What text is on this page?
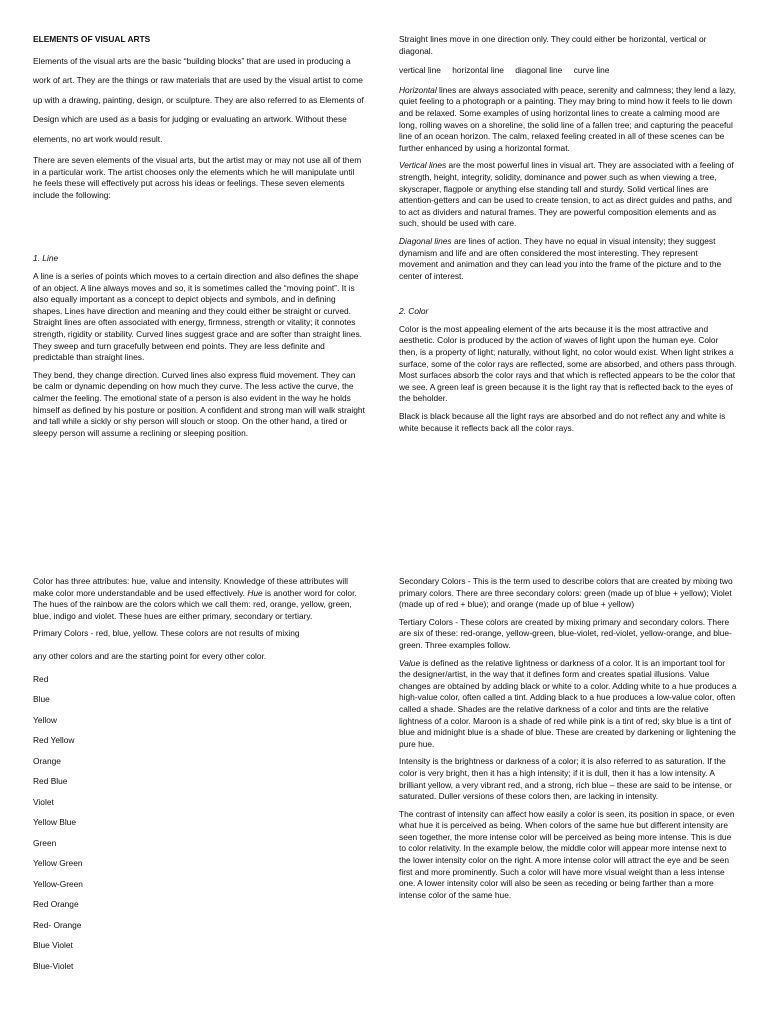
ELEMENTS OF VISUAL ARTS

Elements of the visual arts are the basic “building blocks” that are used in producing a work of art. They are the things or raw materials that are used by the visual artist to come up with a drawing, painting, design, or sculpture. They are also referred to as Elements of Design which are used as a basis for judging or evaluating an artwork. Without these elements, no art work would result.

There are seven elements of the visual arts, but the artist may or may not use all of them in a particular work. The artist chooses only the elements which he will manipulate until he feels these will effectively put across his ideas or feelings. These seven elements include the following:

1. Line

A line is a series of points which moves to a certain direction and also defines the shape of an object. A line always moves and so, it is sometimes called the “moving point”. It is also equally important as a concept to depict objects and symbols, and in defining shapes. Lines have direction and meaning and they could either be straight or curved. Straight lines are often associated with energy, firmness, strength or vitality; it connotes strength, rigidity or stability. Curved lines suggest grace and are softer than straight lines. They sweep and turn gracefully between end points. They are less definite and predictable than straight lines.

They bend, they change direction. Curved lines also express fluid movement. They can be calm or dynamic depending on how much they curve. The less active the curve, the calmer the feeling. The emotional state of a person is also evident in the way he holds himself as defined by his posture or position. A confident and strong man will walk straight and tall while a sickly or shy person will slouch or stoop. On the other hand, a tired or sleepy person will assume a reclining or sleeping position.

Straight lines move in one direction only. They could either be horizontal, vertical or diagonal.

vertical line horizontal line diagonal line curve line

Horizontal lines are always associated with peace, serenity and calmness; they lend a lazy, quiet feeling to a photograph or a painting. They may bring to mind how it feels to lie down and be relaxed. Some examples of using horizontal lines to create a calming mood are long, rolling waves on a shoreline, the solid line of a fallen tree; and capturing the peaceful line of an ocean horizon. The calm, relaxed feeling created in all of these scenes can be further enhanced by using a horizontal format.

Vertical lines are the most powerful lines in visual art. They are associated with a feeling of strength, height, integrity, solidity, dominance and power such as when viewing a tree, skyscraper, flagpole or anything else standing tall and sturdy. Solid vertical lines are attention-getters and can be used to create tension, to act as direct guides and paths, and to act as dividers and natural frames. They are powerful composition elements and as such, should be used with care.

Diagonal lines are lines of action. They have no equal in visual intensity; they suggest dynamism and life and are often considered the most interesting. They represent movement and animation and they can lead you into the frame of the picture and to the center of interest.

2. Color

Color is the most appealing element of the arts because it is the most attractive and aesthetic. Color is produced by the action of waves of light upon the human eye. Color then, is a property of light; naturally, without light, no color would exist. When light strikes a surface, some of the color rays are reflected, some are absorbed, and others pass through. Most surfaces absorb the color rays and that which is reflected appears to be the color that we see. A green leaf is green because it is the light ray that is reflected back to the eyes of the beholder.

Black is black because all the light rays are absorbed and do not reflect any and white is white because it reflects back all the color rays.

Color has three attributes: hue, value and intensity. Knowledge of these attributes will make color more understandable and be used effectively. Hue is another word for color. The hues of the rainbow are the colors which we call them: red, orange, yellow, green, blue, indigo and violet. These hues are either primary, secondary or tertiary.

Primary Colors - red, blue, yellow. These colors are not results of mixing

any other colors and are the starting point for every other color.

Red
Blue
Yellow
Red Yellow
Orange
Red Blue
Violet
Yellow Blue
Green
Yellow Green
Yellow-Green
Red Orange
Red- Orange
Blue Violet
Blue-Violet

Secondary Colors - This is the term used to describe colors that are created by mixing two primary colors. There are three secondary colors: green (made up of blue + yellow); Violet (made up of red + blue); and orange (made up of blue + yellow)

Tertiary Colors - These colors are created by mixing primary and secondary colors. There are six of these: red-orange, yellow-green, blue-violet, red-violet, yellow-orange, and blue-green. Three examples follow.

Value is defined as the relative lightness or darkness of a color. It is an important tool for the designer/artist, in the way that it defines form and creates spatial illusions. Value changes are obtained by adding black or white to a color. Adding white to a hue produces a high-value color, often called a tint. Adding black to a hue produces a low-value color, often called a shade. Shades are the relative darkness of a color and tints are the relative lightness of a color. Maroon is a shade of red while pink is a tint of red; sky blue is a tint of blue and midnight blue is a shade of blue. These are created by darkening or lightening the pure hue.

Intensity is the brightness or darkness of a color; it is also referred to as saturation. If the color is very bright, then it has a high intensity; if it is dull, then it has a low intensity. A brilliant yellow, a very vibrant red, and a strong, rich blue – these are said to be intense, or saturated. Duller versions of these colors then, are lacking in intensity.

The contrast of intensity can affect how easily a color is seen, its position in space, or even what hue it is perceived as being. When colors of the same hue but different intensity are seen together, the more intense color will be perceived as being more intense. This is due to color relativity. In the example below, the middle color will appear more intense next to the lower intensity color on the right. A more intense color will attract the eye and be seen first and more prominently. Such a color will have more visual weight than a less intense one. A lower intensity color will also be seen as receding or being farther than a more intense color of the same hue.
